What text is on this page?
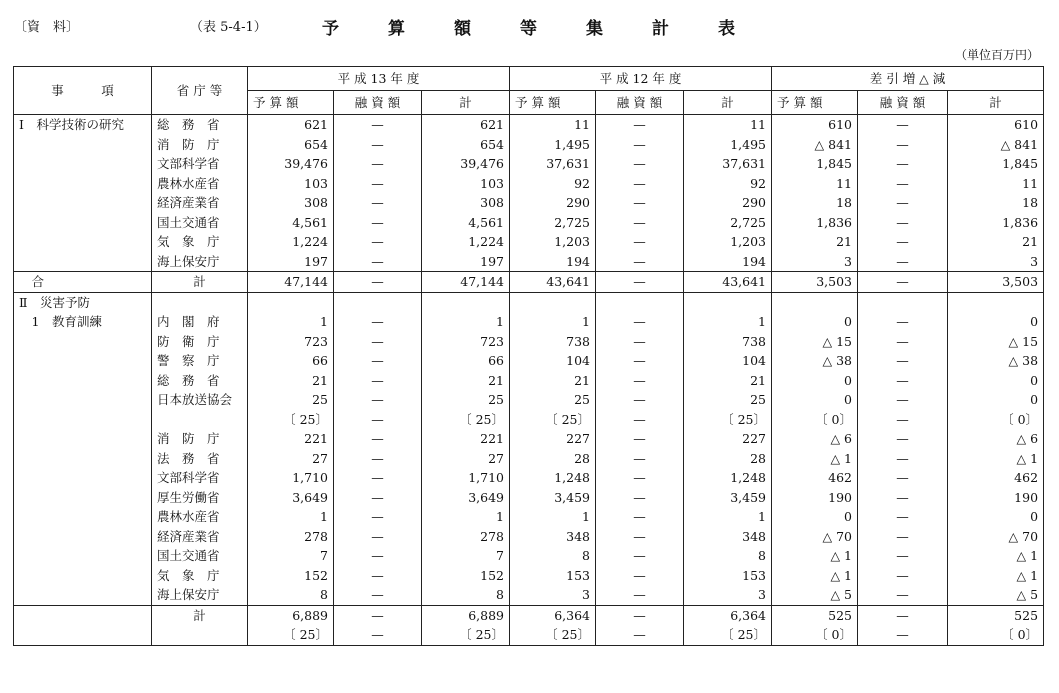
〔資　料〕	（表 5-4-1）	予	算	額	等	集	計	表
（単位百万円）
事　　　項	省 庁 等	平 成 13 年 度			平 成 12 年 度			差 引 増 △ 減		
		予 算 額	融 資 額	計	予 算 額	融 資 額	計	予 算 額	融 資 額	計
Ⅰ　科学技術の研究	総　務　省	621	—	621	11	—	11	610	—	610
	消　防　庁	654	—	654	1,495	—	1,495	△ 841	—	△ 841
	文部科学省	39,476	—	39,476	37,631	—	37,631	1,845	—	1,845
	農林水産省	103	—	103	92	—	92	11	—	11
	経済産業省	308	—	308	290	—	290	18	—	18
	国土交通省	4,561	—	4,561	2,725	—	2,725	1,836	—	1,836
	気　象　庁	1,224	—	1,224	1,203	—	1,203	21	—	21
	海上保安庁	197	—	197	194	—	194	3	—	3
　合	計	47,144	—	47,144	43,641	—	43,641	3,503	—	3,503
Ⅱ　災害予防										
　1　教育訓練	内　閣　府	1	—	1	1	—	1	0	—	0
	防　衛　庁	723	—	723	738	—	738	△ 15	—	△ 15
	警　察　庁	66	—	66	104	—	104	△ 38	—	△ 38
	総　務　省	21	—	21	21	—	21	0	—	0
	日本放送協会	25	—	25	25	—	25	0	—	0
		〔 25〕	—	〔 25〕	〔 25〕	—	〔 25〕	〔 0〕	—	〔 0〕
	消　防　庁	221	—	221	227	—	227	△ 6	—	△ 6
	法　務　省	27	—	27	28	—	28	△ 1	—	△ 1
	文部科学省	1,710	—	1,710	1,248	—	1,248	462	—	462
	厚生労働省	3,649	—	3,649	3,459	—	3,459	190	—	190
	農林水産省	1	—	1	1	—	1	0	—	0
	経済産業省	278	—	278	348	—	348	△ 70	—	△ 70
	国土交通省	7	—	7	8	—	8	△ 1	—	△ 1
	気　象　庁	152	—	152	153	—	153	△ 1	—	△ 1
	海上保安庁	8	—	8	3	—	3	△ 5	—	△ 5
	計	6,889	—	6,889	6,364	—	6,364	525	—	525
		〔 25〕	—	〔 25〕	〔 25〕	—	〔 25〕	〔 0〕	—	〔 0〕
